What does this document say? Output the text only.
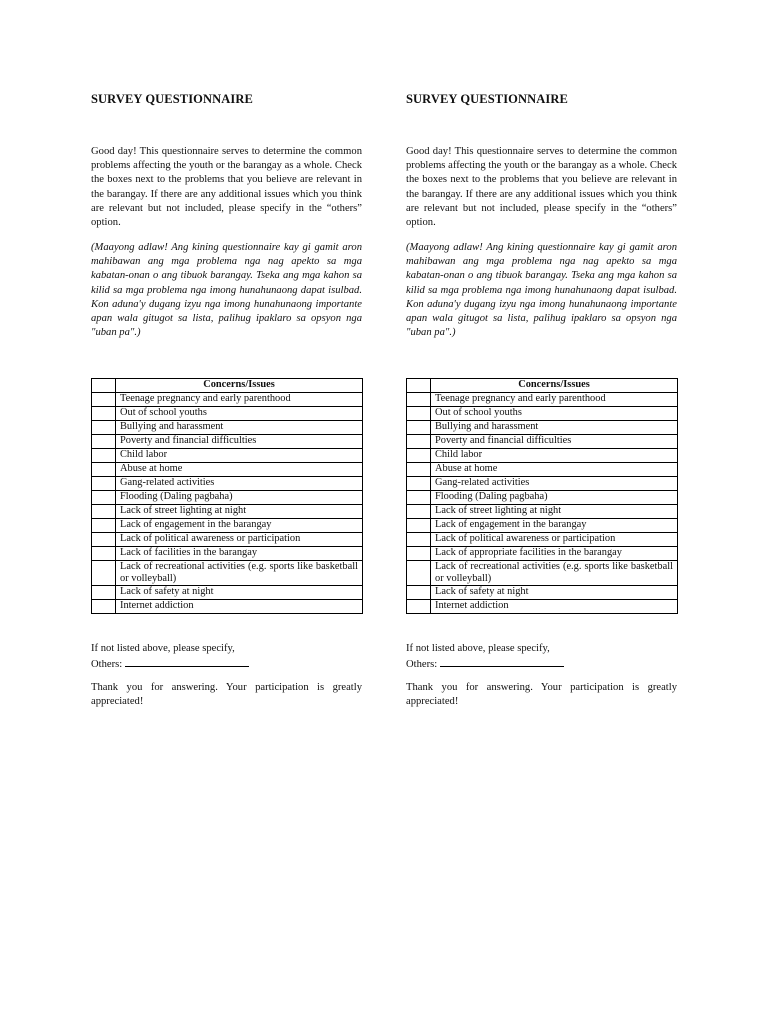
SURVEY QUESTIONNAIRE

Good day! This questionnaire serves to determine the common problems affecting the youth or the barangay as a whole. Check the boxes next to the problems that you believe are relevant in the barangay. If there are any additional issues which you think are relevant but not included, please specify in the “others” option.

(Maayong adlaw! Ang kining questionnaire kay gi gamit aron mahibawan ang mga problema nga nag apekto sa mga kabatan-onan o ang tibuok barangay. Tseka ang mga kahon sa kilid sa mga problema nga imong hunahunaong dapat isulbad. Kon aduna'y dugang izyu nga imong hunahunaong importante apan wala gitugot sa lista, palihug ipaklaro sa opsyon nga "uban pa".)

	Concerns/Issues
	Teenage pregnancy and early parenthood
	Out of school youths
	Bullying and harassment
	Poverty and financial difficulties
	Child labor
	Abuse at home
	Gang-related activities
	Flooding (Daling pagbaha)
	Lack of street lighting at night
	Lack of engagement in the barangay
	Lack of political awareness or participation
	Lack of facilities in the barangay
	Lack of recreational activities (e.g. sports like basketball or volleyball)
	Lack of safety at night
	Internet addiction

If not listed above, please specify,
Others:

Thank you for answering. Your participation is greatly appreciated!

SURVEY QUESTIONNAIRE

Good day! This questionnaire serves to determine the common problems affecting the youth or the barangay as a whole. Check the boxes next to the problems that you believe are relevant in the barangay. If there are any additional issues which you think are relevant but not included, please specify in the “others” option.

(Maayong adlaw! Ang kining questionnaire kay gi gamit aron mahibawan ang mga problema nga nag apekto sa mga kabatan-onan o ang tibuok barangay. Tseka ang mga kahon sa kilid sa mga problema nga imong hunahunaong dapat isulbad. Kon aduna'y dugang izyu nga imong hunahunaong importante apan wala gitugot sa lista, palihug ipaklaro sa opsyon nga "uban pa".)

	Concerns/Issues
	Teenage pregnancy and early parenthood
	Out of school youths
	Bullying and harassment
	Poverty and financial difficulties
	Child labor
	Abuse at home
	Gang-related activities
	Flooding (Daling pagbaha)
	Lack of street lighting at night
	Lack of engagement in the barangay
	Lack of political awareness or participation
	Lack of appropriate facilities in the barangay
	Lack of recreational activities (e.g. sports like basketball or volleyball)
	Lack of safety at night
	Internet addiction

If not listed above, please specify,
Others:

Thank you for answering. Your participation is greatly appreciated!
